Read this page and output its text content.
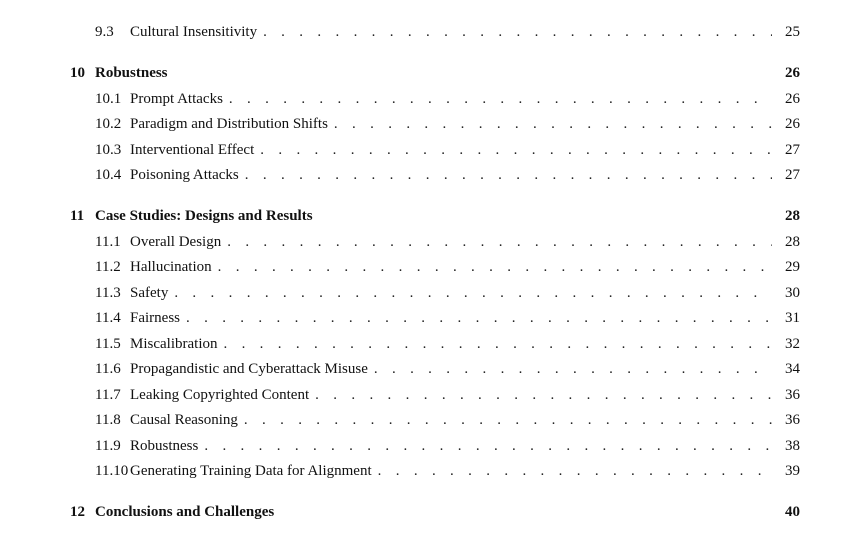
9.3	Cultural Insensitivity . . .	25
10 Robustness	26
10.1 Prompt Attacks . . .	26
10.2 Paradigm and Distribution Shifts . . .	26
10.3 Interventional Effect . . .	27
10.4 Poisoning Attacks . . .	27
11 Case Studies: Designs and Results	28
11.1 Overall Design . . .	28
11.2 Hallucination . . .	29
11.3 Safety . . .	30
11.4 Fairness . . .	31
11.5 Miscalibration . . .	32
11.6 Propagandistic and Cyberattack Misuse . . .	34
11.7 Leaking Copyrighted Content . . .	36
11.8 Causal Reasoning . . .	36
11.9 Robustness . . .	38
11.10 Generating Training Data for Alignment . . .	39
12 Conclusions and Challenges	40
